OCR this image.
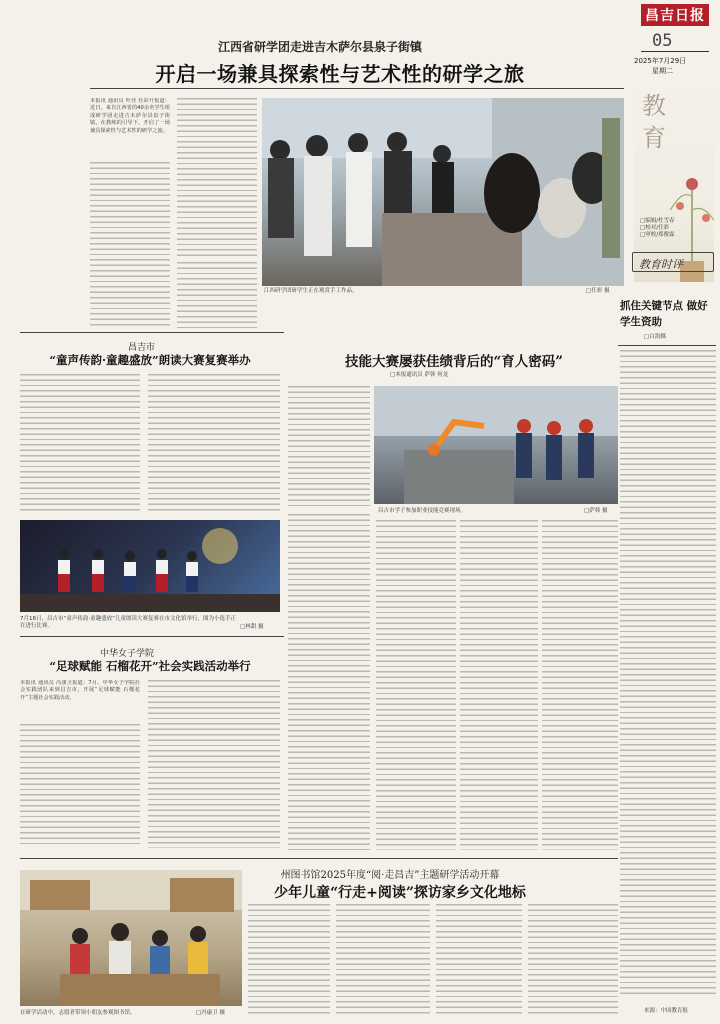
昌吉日报
05
2025年7月29日
星期二
江西省研学团走进吉木萨尔县泉子街镇
开启一场兼具探索性与艺术性的研学之旅
本报讯 通讯员 叶佳 任彩升报道：近日，来自江西省的40余名学生组成研学团走进吉木萨尔县泉子街镇，在教练的引导下，开启了一场兼具探索性与艺术性的研学之旅。
江西研学团研学生正在观赏手工作品。	□任彩 摄
教育
□编辑/杜雪春
□校对/任彩
□审校/郑俊霖
教育时评
抓住关键节点 做好学生资助
□白凯娜
来源：中国教育报
昌吉市
“童声传韵·童趣盛放”朗读大赛复赛举办
7月18日，昌吉市“童声传韵·童趣盛放”儿童朗读大赛复赛在市文化馆举行，图为小选手正在进行比赛。	□林甜 摄
中华女子学院
“足球赋能 石榴花开”社会实践活动举行
本报讯 通讯员 冯康卫报道：7月，中华女子学院社会实践团队来到昌吉市，开展“足球赋能 石榴花开”主题社会实践活动。
技能大赛屡获佳绩背后的“育人密码”
□本报通讯员 萨韩 何龙
昌吉市学子参加职业技能竞赛现场。	□萨韩 摄
州图书馆2025年度“阅·走昌吉”主题研学活动开幕
少年儿童“行走+阅读”探访家乡文化地标
在研学活动中，志愿者带领小朋友参观图书馆。	□冯康卫 摄
